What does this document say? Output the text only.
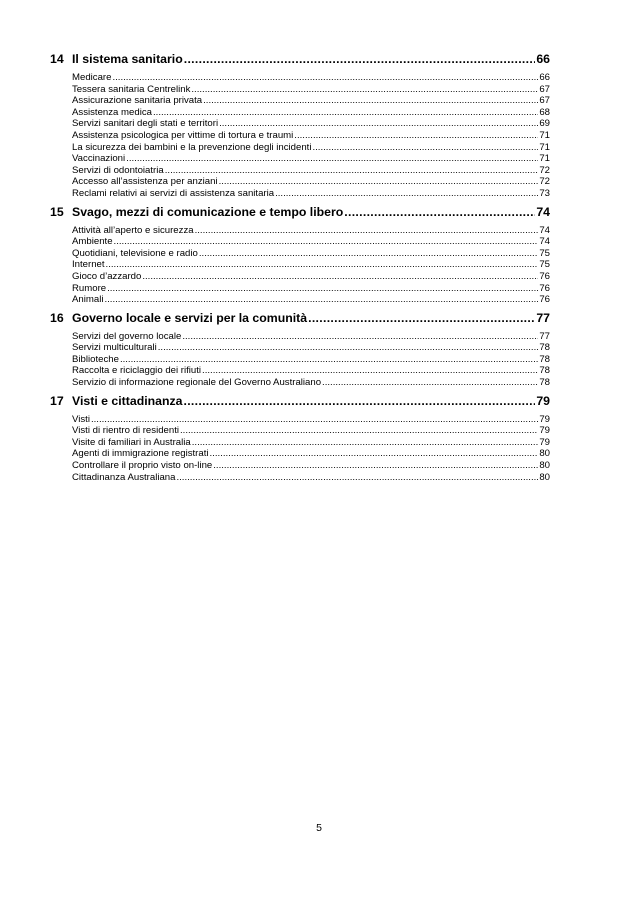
14 Il sistema sanitario .....	66
Medicare .....	66
Tessera sanitaria Centrelink .....	67
Assicurazione sanitaria privata .....	67
Assistenza medica .....	68
Servizi sanitari degli stati e territori .....	69
Assistenza psicologica per vittime di tortura e traumi .....	71
La sicurezza dei bambini e la prevenzione degli incidenti .....	71
Vaccinazioni .....	71
Servizi di odontoiatria .....	72
Accesso all’assistenza per anziani .....	72
Reclami relativi ai servizi di assistenza sanitaria .....	73
15 Svago, mezzi di comunicazione e tempo libero .....	74
Attività all’aperto e sicurezza .....	74
Ambiente .....	74
Quotidiani, televisione e radio .....	75
Internet .....	75
Gioco d’azzardo .....	76
Rumore .....	76
Animali .....	76
16 Governo locale e servizi per la comunità .....	77
Servizi del governo locale .....	77
Servizi multiculturali .....	78
Biblioteche .....	78
Raccolta e riciclaggio dei rifiuti .....	78
Servizio di informazione regionale del Governo Australiano .....	78
17 Visti e cittadinanza .....	79
Visti .....	79
Visti di rientro di residenti .....	79
Visite di familiari in Australia .....	79
Agenti di immigrazione registrati .....	80
Controllare il proprio visto on-line .....	80
Cittadinanza Australiana .....	80
5
